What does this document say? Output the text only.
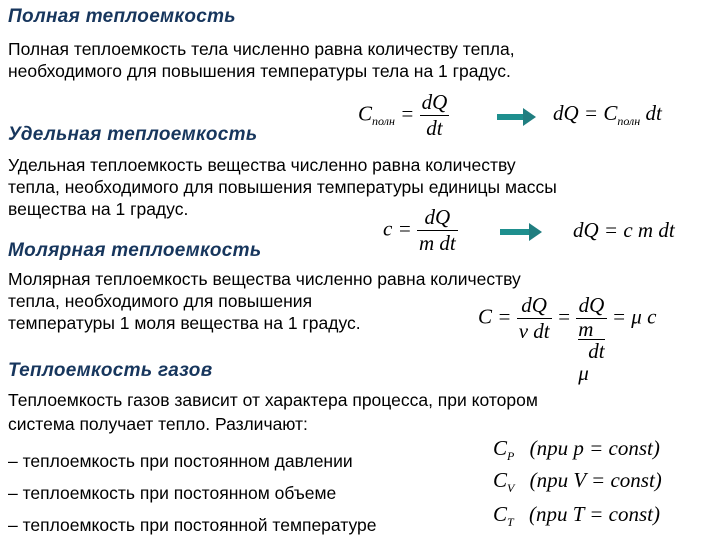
Полная теплоемкость
Полная теплоемкость тела численно равна количеству тепла,
необходимого для повышения температуры тела на 1 градус.
$C_{полн} = \frac{dQ}{dt}$	dQ = $C_{полн}$ dt
Удельная теплоемкость
Удельная теплоемкость вещества численно равна количеству
тепла, необходимого для повышения температуры единицы массы
вещества на 1 градус.
$c = \frac{dQ}{\text{m dt}}$	dQ = c m dt
Молярная теплоемкость
Молярная теплоемкость вещества численно равна количеству
тепла, необходимого для повышения
температуры 1 моля вещества на 1 градус.	$C = \frac{dQ}{\text{ν dt}}$ = dQ
m
dt
μ = μ c
Теплоемкость газов
Теплоемкость газов зависит от характера процесса, при котором
система получает тепло. Различают:
– теплоемкость при постоянном давлении
– теплоемкость при постоянном объеме
– теплоемкость при постоянной температуре
$C_P$ (при p = const)
$C_V$ (при V = const)
$C_T$ (при T = const)
